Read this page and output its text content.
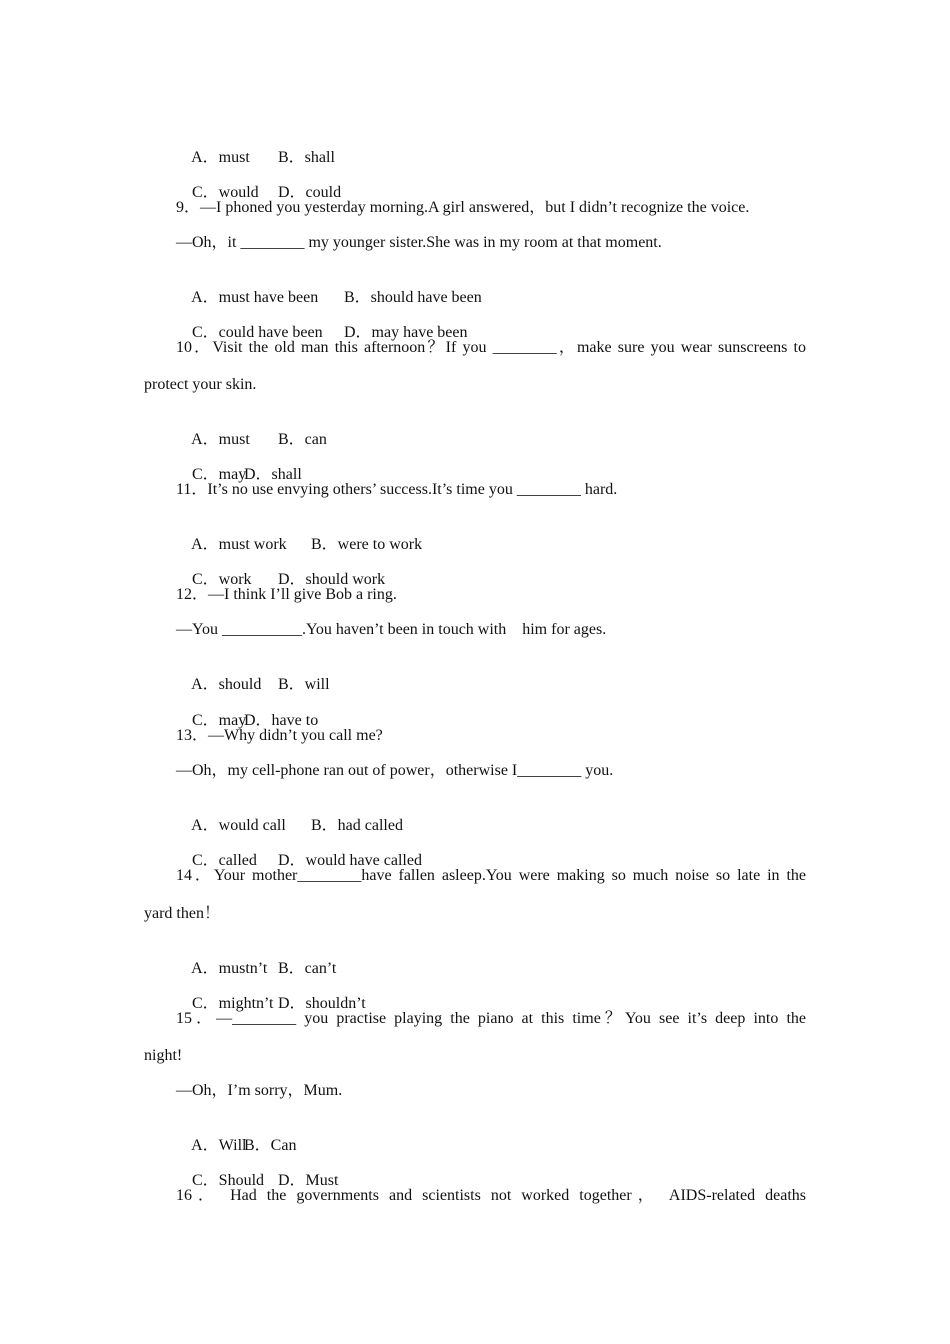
A．must B．shall

C．would D．could

9．—I phoned you yesterday morning.A girl answered，but I didn’t recognize the voice.
—Oh，it ________ my younger sister.She was in my room at that moment.

A．must have been B．should have been

C．could have been D．may have been

10．Visit the old man this afternoon？If you ________，make sure you wear sunscreens to
protect your skin.

A．must B．can

C．may
D．shall

11．It’s no use envying others’ success.It’s time you ________ hard.

A．must work B．were to work

C．work D．should work

12．—I think I’ll give Bob a ring.
—You __________.You haven’t been in touch with    him for ages.

A．should B．will

C．may
D．have to

13．—Why didn’t you call me?
—Oh，my cell-phone ran out of power，otherwise I________ you.

A．would call B．had called

C．called D．would have called

14．Your mother________have fallen asleep.You were making so much noise so late in the
yard then！

A．mustn’t B．can’t

C．mightn’t D．shouldn’t

15．—________ you practise playing the piano at this time？You see it’s deep into the
night!
—Oh，I’m sorry，Mum.

A．Will
B．Can

C．Should D．Must

16． Had the governments and scientists not worked together， AIDS-related deaths
